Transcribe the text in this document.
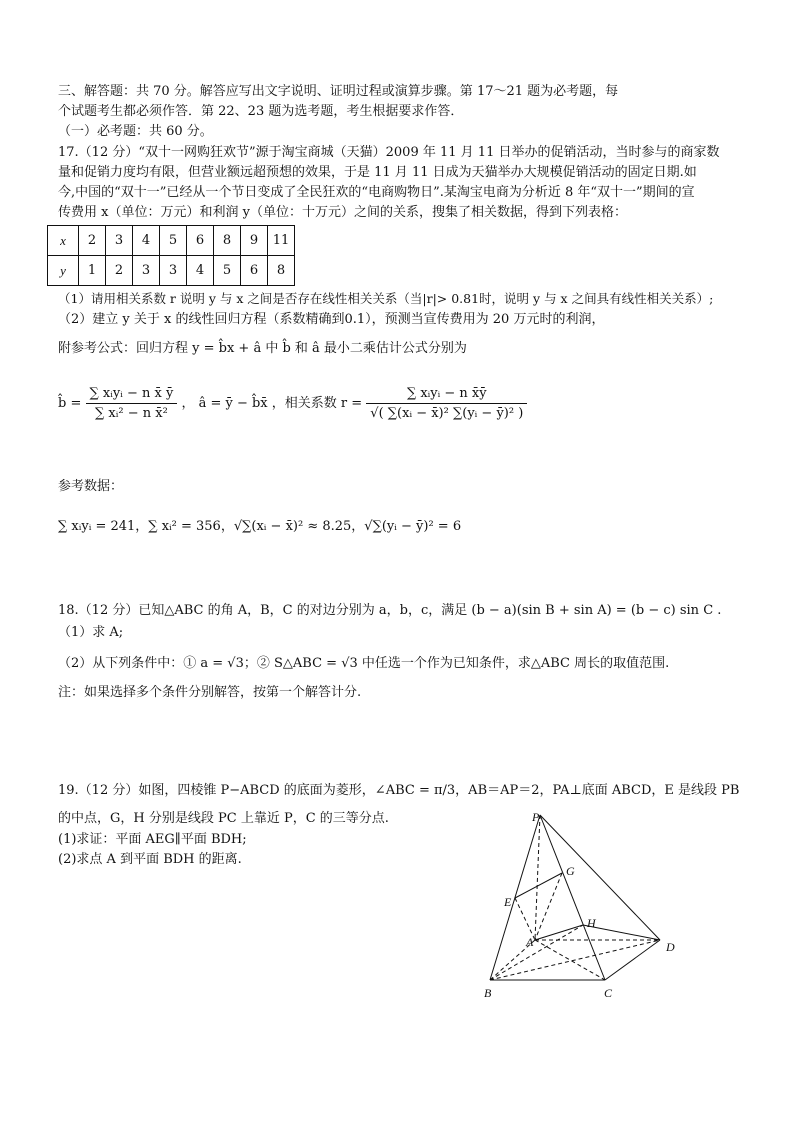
三、解答题：共 70 分。解答应写出文字说明、证明过程或演算步骤。第 17～21 题为必考题，每
个试题考生都必须作答．第 22、23 题为选考题，考生根据要求作答．
（一）必考题：共 60 分。
17.（12 分）“双十一网购狂欢节”源于淘宝商城（天猫）2009 年 11 月 11 日举办的促销活动，当时参与的商家数
量和促销力度均有限，但营业额远超预想的效果，于是 11 月 11 日成为天猫举办大规模促销活动的固定日期.如
今,中国的“双十一”已经从一个节日变成了全民狂欢的“电商购物日”.某淘宝电商为分析近 8 年“双十一”期间的宣
传费用 x（单位：万元）和利润 y（单位：十万元）之间的关系，搜集了相关数据，得到下列表格：
x	2	3	4	5	6	8	9	11
y	1	2	3	3	4	5	6	8
（1）请用相关系数 r 说明 y 与 x 之间是否存在线性相关关系（当|r|> 0.81时，说明 y 与 x 之间具有线性相关关系）;
（2）建立 y 关于 x 的线性回归方程（系数精确到0.1），预测当宣传费用为 20 万元时的利润，
附参考公式：回归方程 y = b̂x + â 中 b̂ 和 â 最小二乘估计公式分别为
b̂ = $\frac{\text{∑ xᵢyᵢ − n x̄ ȳ}}{\text{∑ xᵢ² − n x̄²}}$ ， â = ȳ − b̂x̄ ，相关系数 $r = \frac{\text{∑ xᵢyᵢ − n x̄ȳ}}{\text{√( ∑(xᵢ − x̄)² ∑(yᵢ − ȳ)² )}}$
参考数据：
∑ xᵢyᵢ = 241，∑ xᵢ² = 356，√∑(xᵢ − x̄)² ≈ 8.25，√∑(yᵢ − ȳ)² = 6
18.（12 分）已知△ABC 的角 A，B，C 的对边分别为 a，b，c，满足 (b − a)(sin B + sin A) = (b − c) sin C .
（1）求 A;
（2）从下列条件中：① a = √3；② S△ABC = √3 中任选一个作为已知条件，求△ABC 周长的取值范围.
注：如果选择多个条件分别解答，按第一个解答计分.
19.（12 分）如图，四棱锥 P−ABCD 的底面为菱形，∠ABC = π/3，AB＝AP＝2，PA⊥底面 ABCD，E 是线段 PB
的中点，G，H 分别是线段 PC 上靠近 P，C 的三等分点.
(1)求证：平面 AEG∥平面 BDH;
(2)求点 A 到平面 BDH 的距离.
P
E
G
H
A	D
B	C
